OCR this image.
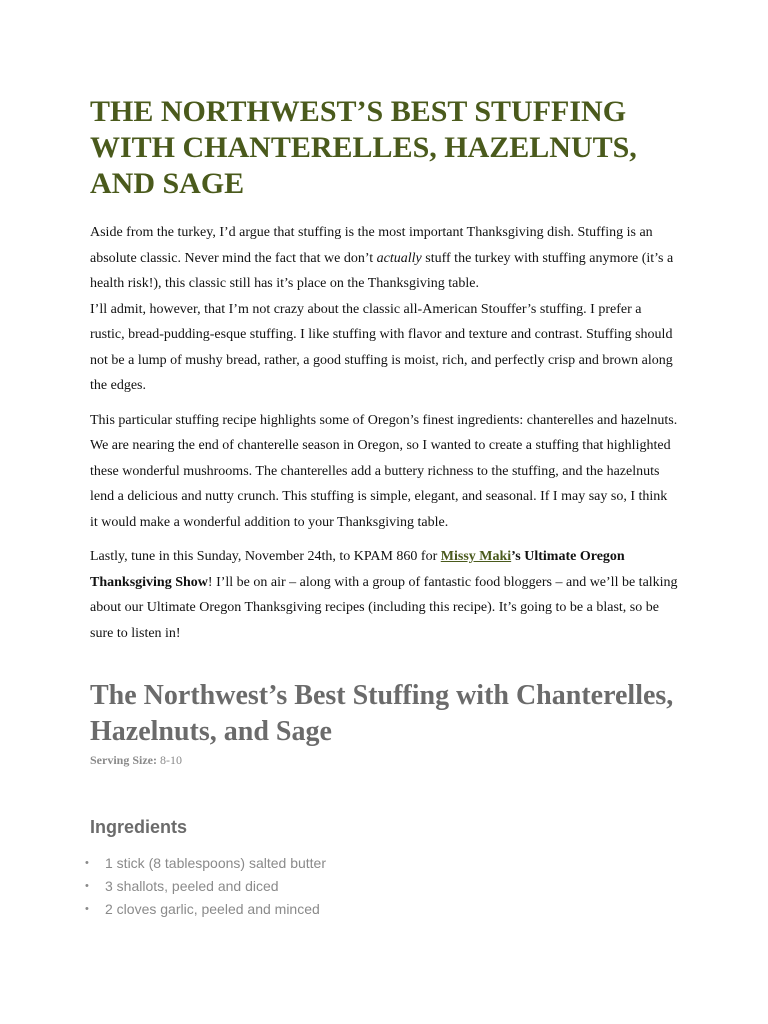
THE NORTHWEST’S BEST STUFFING WITH CHANTERELLES, HAZELNUTS, AND SAGE

Aside from the turkey, I’d argue that stuffing is the most important Thanksgiving dish. Stuffing is an absolute classic. Never mind the fact that we don’t actually stuff the turkey with stuffing anymore (it’s a health risk!), this classic still has it’s place on the Thanksgiving table.

I’ll admit, however, that I’m not crazy about the classic all-American Stouffer’s stuffing. I prefer a rustic, bread-pudding-esque stuffing. I like stuffing with flavor and texture and contrast. Stuffing should not be a lump of mushy bread, rather, a good stuffing is moist, rich, and perfectly crisp and brown along the edges.

This particular stuffing recipe highlights some of Oregon’s finest ingredients: chanterelles and hazelnuts. We are nearing the end of chanterelle season in Oregon, so I wanted to create a stuffing that highlighted these wonderful mushrooms. The chanterelles add a buttery richness to the stuffing, and the hazelnuts lend a delicious and nutty crunch. This stuffing is simple, elegant, and seasonal. If I may say so, I think it would make a wonderful addition to your Thanksgiving table.

Lastly, tune in this Sunday, November 24th, to KPAM 860 for Missy Maki’s Ultimate Oregon Thanksgiving Show! I’ll be on air – along with a group of fantastic food bloggers – and we’ll be talking about our Ultimate Oregon Thanksgiving recipes (including this recipe). It’s going to be a blast, so be sure to listen in!

The Northwest’s Best Stuffing with Chanterelles, Hazelnuts, and Sage
Serving Size: 8-10
Ingredients
• 1 stick (8 tablespoons) salted butter
• 3 shallots, peeled and diced
• 2 cloves garlic, peeled and minced
